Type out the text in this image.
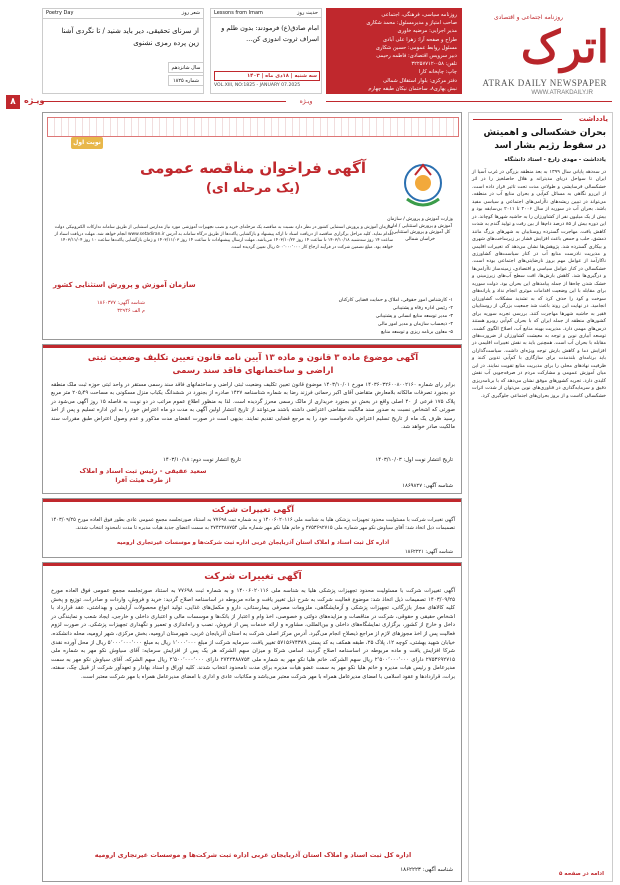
اترک
روزنامه اجتماعی و اقتصادی
ATRAK DAILY NEWSPAPER
WWW.ATRAKDAILY.IR
روزنامه سیاسی، فرهنگی، اجتماعی
صاحب امتیاز و مدیرمسئول: محمد شکاری
مدیر اجرایی: مرضیه خاوری
طراح و صفحه آرا: زهرا علی آبادی
مسئول روابط عمومی: حسین شکاری
دبیر سرویس اقتصادی: فاطمه رحیمی
تلفن: ۰۵۸-۳۲۲۵۷۷۱۲
چاپ: چاپخانه کارا
دفتر مرکزی: بلوار استقلال شمالی
نبش یهاری۸، ساختمان نیکان طبقه چهارم
Lessons from Imam	حدیث روز
امام صادق(ع) فرمودند: بدون ظلم و اسراف ثروت اندوزی کن...
سه شنبه | ۱۸دی ماه | ۱۴۰۳
VOL.XIII, NO:1825 - JANUARY 07.2025
Poetry Day	شعر روز
از سرنای تحقیقی، دیر باید شنید / تا نگردی آشنا زین پرده رمزی نشنوی
سال شانزدهم
شماره ۱۸۲۵
۸	ویـژه	ویـژه
یادداشت
بحران خشکسالی و اهمیتش در سقوط رژیم بشار اسد
یادداشت - مهدی زارع - استاد دانشگاه
در سه‌دهه پایانی سال ۱۳۹۹ به بعد منطقه بزرگی در غرب آسیا از ایران تا سواحل دریای مدیترانه و هلال حاصلخیز را در اثر خشکسالی فرسایشی و طولانی مدت تحت تاثیر قرار داده است. از این‌رو نگاهی به مسائل کم‌آبی و بحران منابع آب در منطقه، می‌تواند در تبیین ریشه‌های ناآرامی‌های اجتماعی و سیاسی مفید باشد. بحران آب در سوریه از سال ۲۰۰۶ تا ۲۰۱۱ بی‌سابقه بود و بیش از یک میلیون نفر از کشاورزان را به حاشیه شهرها کوچاند. در این دوره بیش از ۸۵ درصد دام‌ها از بین رفت و تولید گندم به شدت کاهش یافت. مهاجرت گسترده روستاییان به شهرهای بزرگ مانند دمشق، حلب و حمص باعث افزایش فشار بر زیرساخت‌های شهری و بیکاری گسترده شد. پژوهش‌ها نشان می‌دهد که تغییرات اقلیمی و مدیریت نادرست منابع آب در کنار سیاست‌های کشاورزی ناکارآمد از عوامل مهم بروز نارضایتی‌های اجتماعی بوده است. خشکسالی در کنار عوامل سیاسی و اقتصادی، زمینه‌ساز ناآرامی‌ها و درگیری‌ها شد. کاهش بارش‌ها، افت سطح آب‌های زیرزمینی و خشک شدن چاه‌ها از جمله پیامدهای این بحران بود. دولت سوریه برای مقابله با این وضعیت اقدامات موثری انجام نداد و یارانه‌های سوخت و کود را حذف کرد که به تشدید مشکلات کشاورزان انجامید. در نهایت این روند باعث شد جمعیت بزرگی از روستاییان فقیر به حاشیه شهرها مهاجرت کنند. بررسی تجربه سوریه برای کشورهای منطقه از جمله ایران که با بحران کم‌آبی روبرو هستند درس‌های مهمی دارد. مدیریت بهینه منابع آب، اصلاح الگوی کشت، توسعه آبیاری نوین و توجه به معیشت کشاورزان از ضرورت‌های مقابله با بحران آب است. همچنین باید به نقش تغییرات اقلیمی در افزایش دما و کاهش بارش توجه ویژه‌ای داشت. سیاست‌گذاران باید برنامه‌ای بلندمدت برای سازگاری با کم‌آبی تدوین کنند و ظرفیت نهادهای محلی را برای مدیریت منابع تقویت نمایند. در این میان آموزش عمومی و مشارکت مردم در صرفه‌جویی آب نقش کلیدی دارد. تجربه کشورهای موفق نشان می‌دهد که با برنامه‌ریزی دقیق و سرمایه‌گذاری در فناوری‌های نوین می‌توان از شدت اثرات خشکسالی کاست و از بروز بحران‌های اجتماعی جلوگیری کرد.
ادامه در صفحه ۵
نوبت اول
آگهی فراخوان مناقصه عمومی
(یک مرحله ای)
وزارت آموزش و پرورش / سازمان آموزش و پرورش استثنایی / اداره کل آموزش و پرورش استثنایی / خراسان شمالی
سازمان آموزش و پرورش استثنایی کشور در نظر دارد نسبت به مناقصه یک مرحله‌ای خرید و نصب تجهیزات آموزشی مورد نیاز مدارس استثنایی از طریق سامانه تدارکات الکترونیکی دولت اقدام نماید. کلیه مراحل برگزاری مناقصه از دریافت اسناد تا ارائه پیشنهاد و بازگشایی پاکت‌ها از طریق درگاه سامانه به آدرس www.setadiran.ir انجام خواهد شد. مهلت دریافت اسناد از ساعت ۱۴ روز سه‌شنبه ۱۴۰۳/۱۰/۱۸ تا ساعت ۱۴ روز ۱۴۰۳/۱۰/۲۲ می‌باشد. مهلت ارسال پیشنهادات تا ساعت ۱۴ روز ۱۴۰۳/۱۱/۰۳ و زمان بازگشایی پاکت‌ها ساعت ۱۰ روز ۱۴۰۳/۱۱/۰۴ خواهد بود. مبلغ تضمین شرکت در فرآیند ارجاع کار ۵۰۰٬۰۰۰٬۰۰۰ ریال تعیین گردیده است.
سازمان آموزش و پرورش استثنایی کشور
۱- کارشناس امور حقوقی، املاک و حمایت قضایی کارکنان
۲- رئیس اداره رفاه و پشتیبانی
۳- مدیر توسعه منابع انسانی و پشتیبانی
۴- ذیحساب سازمان و مدیر امور مالی
۵- معاون برنامه ریزی و توسعه منابع
شناسه آگهی: ۱۸۶۰۳۷۷
م الف ۳۲۹۴۶
آگهی موضوع ماده ۳ قانون و ماده ۱۳ آیین نامه قانون تعیین تکلیف وضعیت ثبتی
اراضی و ساختمانهای فاقد سند رسمی
برابر رای شماره ۱۴۰۳۶۰۳۲۶۰۰۸۰۰۲۱۶۰ مورخ ۱۴۰۳/۱۰/۰۱ موضوع قانون تعیین تکلیف وضعیت ثبتی اراضی و ساختمانهای فاقد سند رسمی مستقر در واحد ثبتی حوزه ثبت ملک منطقه دو بجنورد تصرفات مالکانه بلامعارض متقاضی آقای اکبر رحمانی فرزند رضا به شماره شناسنامه ۱۴۲۷ صادره از بجنورد در ششدانگ یکباب منزل مسکونی به مساحت ۲۰۵٫۴۹ متر مربع پلاک ۱۷۵ فرعی از ۴۰ اصلی واقع در بخش دو بجنورد خریداری از مالک رسمی محرز گردیده است. لذا به منظور اطلاع عموم مراتب در دو نوبت به فاصله ۱۵ روز آگهی می‌شود در صورتی که اشخاص نسبت به صدور سند مالکیت متقاضی اعتراضی داشته باشند می‌توانند از تاریخ انتشار اولین آگهی به مدت دو ماه اعتراض خود را به این اداره تسلیم و پس از اخذ رسید ظرف یک ماه از تاریخ تسلیم اعتراض، دادخواست خود را به مرجع قضایی تقدیم نمایند. بدیهی است در صورت انقضای مدت مذکور و عدم وصول اعتراض طبق مقررات سند مالکیت صادر خواهد شد.
تاریخ انتشار نوبت اول: ۱۴۰۳/۱۰/۰۳
تاریخ انتشار نوبت دوم: ۱۴۰۳/۱۰/۱۸
سعید عقیقی - رئیس ثبت اسناد و املاک
از طرف هیئت آقرا
شناسه آگهی: ۱۸۶۹۸۲۷
آگهی تغییرات شرکت
آگهی تغییرات شرکت با مسئولیت محدود تجهیزات پزشکی هلیا به شناسه ملی ۱۴۰۰۶۰۲۰۱۱۶ و به شماره ثبت ۷۷۶۹۸ به استناد صورتجلسه مجمع عمومی عادی بطور فوق العاده مورخ ۱۴۰۳/۰۹/۲۵ تصمیمات ذیل اتخاذ شد: آقای سیاوش نکو مهر شماره ملی ۲۷۵۳۶۹۲۷۱۵ و خانم هلیا نکو مهر شماره ملی ۲۷۴۲۳۸۸۷۵۴ به سمت اعضای جدید هیات مدیره تا مدت نامحدود انتخاب شدند.
اداره کل ثبت اسناد و املاک استان آذربایجان غربی اداره ثبت شرکت‌ها و موسسات غیرتجاری ارومیه
شناسه آگهی: ۱۸۶۲۲۲۱
آگهی تغییرات شرکت
آگهی تغییرات شرکت با مسئولیت محدود تجهیزات پزشکی هلیا به شناسه ملی ۱۴۰۰۶۰۲۰۱۱۶ و به شماره ثبت ۷۷۶۹۸ به استناد صورتجلسه مجمع عمومی فوق العاده مورخ ۱۴۰۳/۰۹/۲۵ تصمیمات ذیل اتخاذ شد: موضوع فعالیت شرکت به شرح ذیل تغییر یافت و ماده مربوطه در اساسنامه اصلاح گردید: خرید و فروش، واردات و صادرات، توزیع و پخش کلیه کالاهای مجاز بازرگانی، تجهیزات پزشکی و آزمایشگاهی، ملزومات مصرفی بیمارستانی، دارو و مکمل‌های غذایی، تولید انواع محصولات آرایشی و بهداشتی، عقد قرارداد با اشخاص حقیقی و حقوقی، شرکت در مناقصات و مزایده‌های دولتی و خصوصی، اخذ وام و اعتبار از بانک‌ها و موسسات مالی و اعتباری داخلی و خارجی، ایجاد شعب و نمایندگی در داخل و خارج از کشور، برگزاری نمایشگاه‌های داخلی و بین‌المللی، مشاوره و ارائه خدمات پس از فروش، نصب و راه‌اندازی و تعمیر و نگهداری تجهیزات پزشکی. در صورت لزوم فعالیت پس از اخذ مجوزهای لازم از مراجع ذیصلاح انجام می‌گیرد. آدرس مرکز اصلی شرکت به استان آذربایجان غربی، شهرستان ارومیه، بخش مرکزی، شهر ارومیه، محله دانشکده، خیابان شهید بهشتی، کوچه ۱۲، پلاک ۲۵، طبقه همکف به کد پستی ۵۷۱۵۶۷۴۳۸۹ تغییر یافت. سرمایه شرکت از مبلغ ۱٬۰۰۰٬۰۰۰ ریال به مبلغ ۵٬۰۰۰٬۰۰۰٬۰۰۰ ریال از محل آورده نقدی شرکا افزایش یافت و ماده مربوطه در اساسنامه اصلاح گردید. اسامی شرکا و میزان سهم الشرکه هر یک پس از افزایش سرمایه: آقای سیاوش نکو مهر به شماره ملی ۲۷۵۳۶۹۲۷۱۵ دارای ۲٬۵۰۰٬۰۰۰٬۰۰۰ ریال سهم الشرکه، خانم هلیا نکو مهر به شماره ملی ۲۷۴۲۳۸۸۷۵۴ دارای ۲٬۵۰۰٬۰۰۰٬۰۰۰ ریال سهم الشرکه. آقای سیاوش نکو مهر به سمت مدیرعامل و رئیس هیات مدیره و خانم هلیا نکو مهر به سمت عضو هیات مدیره برای مدت نامحدود انتخاب شدند. کلیه اوراق و اسناد بهادار و تعهدآور شرکت از قبیل چک، سفته، برات، قراردادها و عقود اسلامی با امضای مدیرعامل همراه با مهر شرکت معتبر می‌باشد و مکاتبات عادی و اداری با امضای مدیرعامل همراه با مهر شرکت معتبر است.
اداره کل ثبت اسناد و املاک استان آذربایجان غربی اداره ثبت شرکت‌ها و موسسات غیرتجاری ارومیه
شناسه آگهی: ۱۸۶۲۲۲۳
